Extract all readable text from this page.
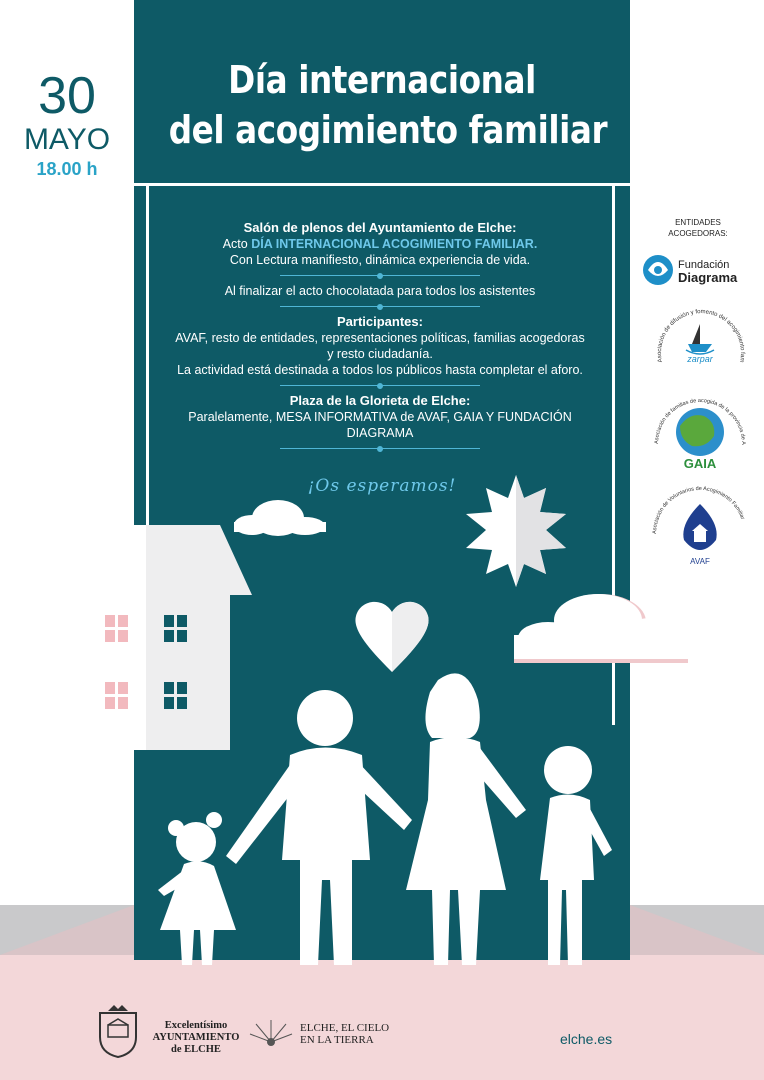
Día internacional
del acogimiento familiar
30
MAYO
18.00 h
Salón de plenos del Ayuntamiento de Elche:
Acto DÍA INTERNACIONAL ACOGIMIENTO FAMILIAR.
Con Lectura manifiesto, dinámica experiencia de vida.
Al finalizar el acto chocolatada para todos los asistentes
Participantes:
AVAF, resto de entidades, representaciones políticas, familias acogedoras
y resto ciudadanía.
La actividad está destinada a todos los públicos hasta completar el aforo.
Plaza de la Glorieta de Elche:
Paralelamente, MESA INFORMATIVA de AVAF, GAIA Y FUNDACIÓN
DIAGRAMA
¡Os esperamos!
ENTIDADES
ACOGEDORAS:
Fundación
Diagrama
Asociación de difusión y fomento del acogimiento fam
zarpar
Asociación de familias de acogida de la provincia de A
GAIA
Asociación de Voluntarios de Acogimiento Familiar
AVAF
Excelentísimo
AYUNTAMIENTO
de ELCHE
ELCHE, EL CIELO
EN LA TIERRA	elche.es
